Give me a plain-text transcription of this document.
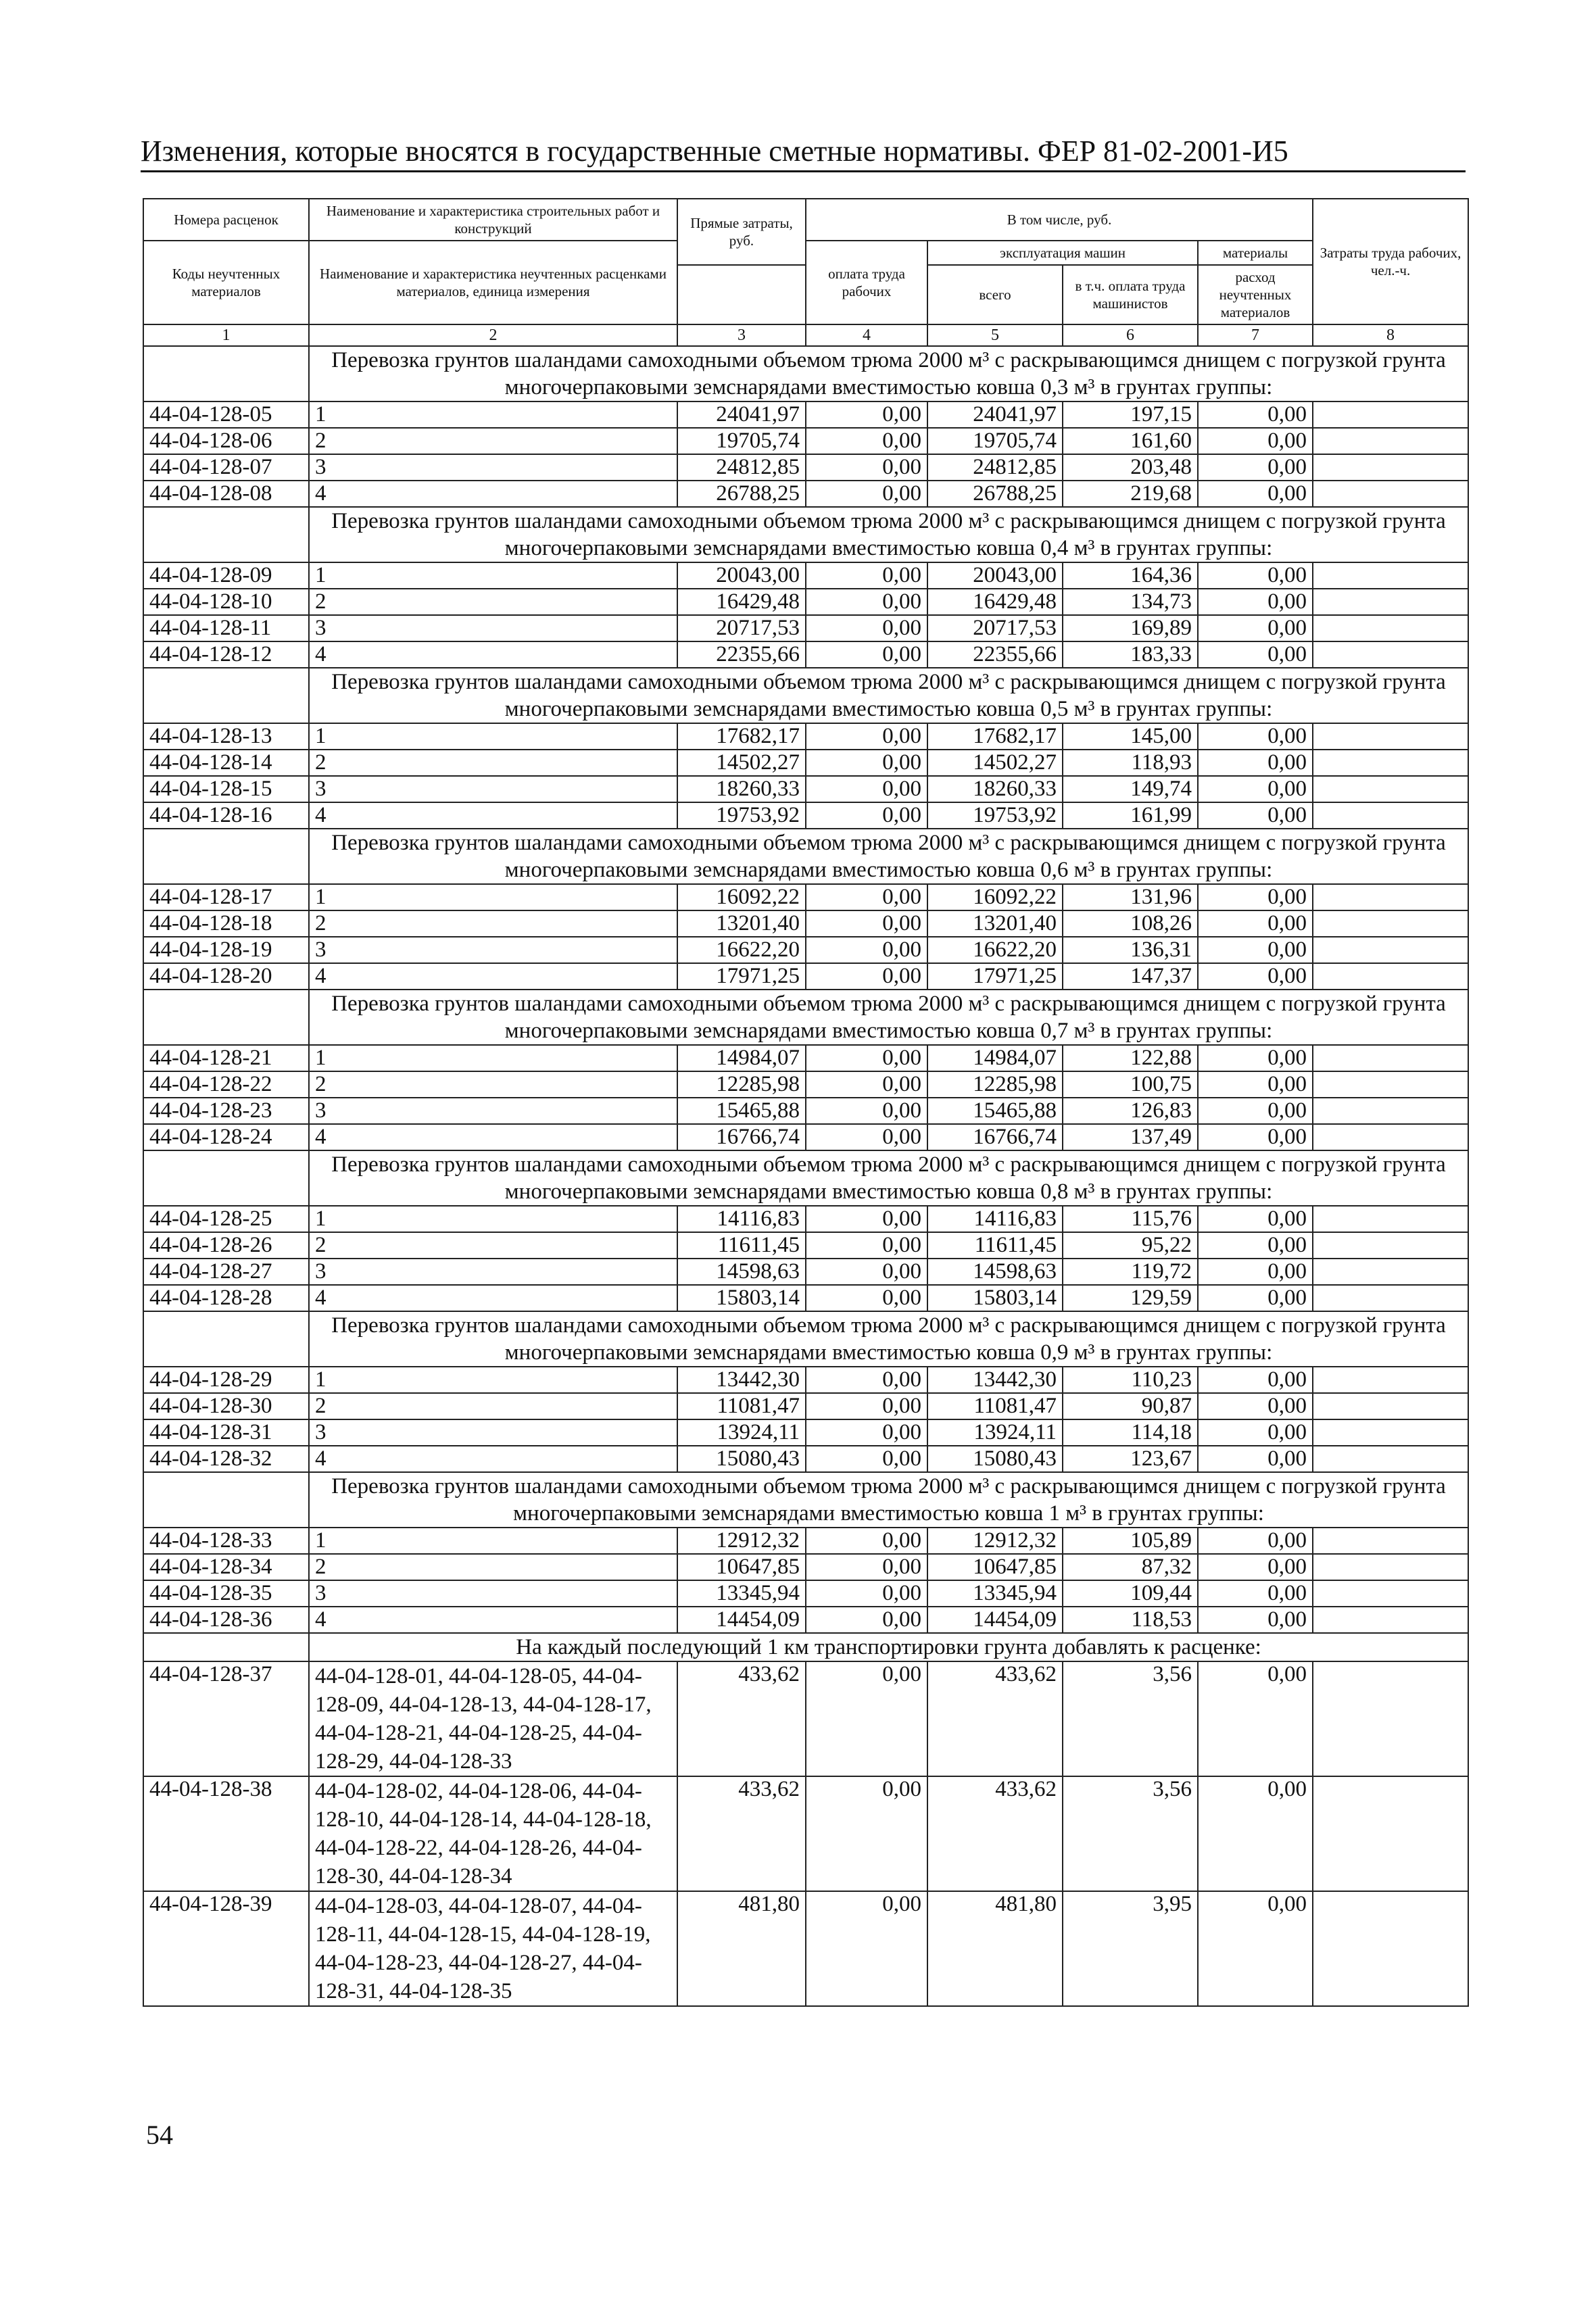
Изменения, которые вносятся в государственные сметные нормативы. ФЕР 81-02-2001-И5
Номера расценок	Наименование и характеристика строительных работ и конструкций	Прямые затраты, руб.	В том числе, руб.				Затраты труда рабочих, чел.-ч.
Коды неучтенных материалов	Наименование и характеристика неучтенных расценками материалов, единица измерения		оплата труда рабочих	эксплуатация машин		материалы	
				всего	в т.ч. оплата труда машинистов	расход неучтенных материалов	

1	2	3	4	5	6	7	8
	Перевозка грунтов шаландами самоходными объемом трюма 2000 м³ с раскрывающимся днищем с погрузкой грунта многочерпаковыми земснарядами вместимостью ковша 0,3 м³ в грунтах группы:						
44-04-128-05	1	24041,97	0,00	24041,97	197,15	0,00	
44-04-128-06	2	19705,74	0,00	19705,74	161,60	0,00	
44-04-128-07	3	24812,85	0,00	24812,85	203,48	0,00	
44-04-128-08	4	26788,25	0,00	26788,25	219,68	0,00	
	Перевозка грунтов шаландами самоходными объемом трюма 2000 м³ с раскрывающимся днищем с погрузкой грунта многочерпаковыми земснарядами вместимостью ковша 0,4 м³ в грунтах группы:						
44-04-128-09	1	20043,00	0,00	20043,00	164,36	0,00	
44-04-128-10	2	16429,48	0,00	16429,48	134,73	0,00	
44-04-128-11	3	20717,53	0,00	20717,53	169,89	0,00	
44-04-128-12	4	22355,66	0,00	22355,66	183,33	0,00	
	Перевозка грунтов шаландами самоходными объемом трюма 2000 м³ с раскрывающимся днищем с погрузкой грунта многочерпаковыми земснарядами вместимостью ковша 0,5 м³ в грунтах группы:						
44-04-128-13	1	17682,17	0,00	17682,17	145,00	0,00	
44-04-128-14	2	14502,27	0,00	14502,27	118,93	0,00	
44-04-128-15	3	18260,33	0,00	18260,33	149,74	0,00	
44-04-128-16	4	19753,92	0,00	19753,92	161,99	0,00	
	Перевозка грунтов шаландами самоходными объемом трюма 2000 м³ с раскрывающимся днищем с погрузкой грунта многочерпаковыми земснарядами вместимостью ковша 0,6 м³ в грунтах группы:						
44-04-128-17	1	16092,22	0,00	16092,22	131,96	0,00	
44-04-128-18	2	13201,40	0,00	13201,40	108,26	0,00	
44-04-128-19	3	16622,20	0,00	16622,20	136,31	0,00	
44-04-128-20	4	17971,25	0,00	17971,25	147,37	0,00	
	Перевозка грунтов шаландами самоходными объемом трюма 2000 м³ с раскрывающимся днищем с погрузкой грунта многочерпаковыми земснарядами вместимостью ковша 0,7 м³ в грунтах группы:						
44-04-128-21	1	14984,07	0,00	14984,07	122,88	0,00	
44-04-128-22	2	12285,98	0,00	12285,98	100,75	0,00	
44-04-128-23	3	15465,88	0,00	15465,88	126,83	0,00	
44-04-128-24	4	16766,74	0,00	16766,74	137,49	0,00	
	Перевозка грунтов шаландами самоходными объемом трюма 2000 м³ с раскрывающимся днищем с погрузкой грунта многочерпаковыми земснарядами вместимостью ковша 0,8 м³ в грунтах группы:						
44-04-128-25	1	14116,83	0,00	14116,83	115,76	0,00	
44-04-128-26	2	11611,45	0,00	11611,45	95,22	0,00	
44-04-128-27	3	14598,63	0,00	14598,63	119,72	0,00	
44-04-128-28	4	15803,14	0,00	15803,14	129,59	0,00	
	Перевозка грунтов шаландами самоходными объемом трюма 2000 м³ с раскрывающимся днищем с погрузкой грунта многочерпаковыми земснарядами вместимостью ковша 0,9 м³ в грунтах группы:						
44-04-128-29	1	13442,30	0,00	13442,30	110,23	0,00	
44-04-128-30	2	11081,47	0,00	11081,47	90,87	0,00	
44-04-128-31	3	13924,11	0,00	13924,11	114,18	0,00	
44-04-128-32	4	15080,43	0,00	15080,43	123,67	0,00	
	Перевозка грунтов шаландами самоходными объемом трюма 2000 м³ с раскрывающимся днищем с погрузкой грунта многочерпаковыми земснарядами вместимостью ковша 1 м³ в грунтах группы:						
44-04-128-33	1	12912,32	0,00	12912,32	105,89	0,00	
44-04-128-34	2	10647,85	0,00	10647,85	87,32	0,00	
44-04-128-35	3	13345,94	0,00	13345,94	109,44	0,00	
44-04-128-36	4	14454,09	0,00	14454,09	118,53	0,00	
	На каждый последующий 1 км транспортировки грунта добавлять к расценке:						
44-04-128-37	44-04-128-01, 44-04-128-05, 44-04-128-09, 44-04-128-13, 44-04-128-17, 44-04-128-21, 44-04-128-25, 44-04-128-29, 44-04-128-33	433,62	0,00	433,62	3,56	0,00	
44-04-128-38	44-04-128-02, 44-04-128-06, 44-04-128-10, 44-04-128-14, 44-04-128-18, 44-04-128-22, 44-04-128-26, 44-04-128-30, 44-04-128-34	433,62	0,00	433,62	3,56	0,00	
44-04-128-39	44-04-128-03, 44-04-128-07, 44-04-128-11, 44-04-128-15, 44-04-128-19, 44-04-128-23, 44-04-128-27, 44-04-128-31, 44-04-128-35	481,80	0,00	481,80	3,95	0,00	
54
